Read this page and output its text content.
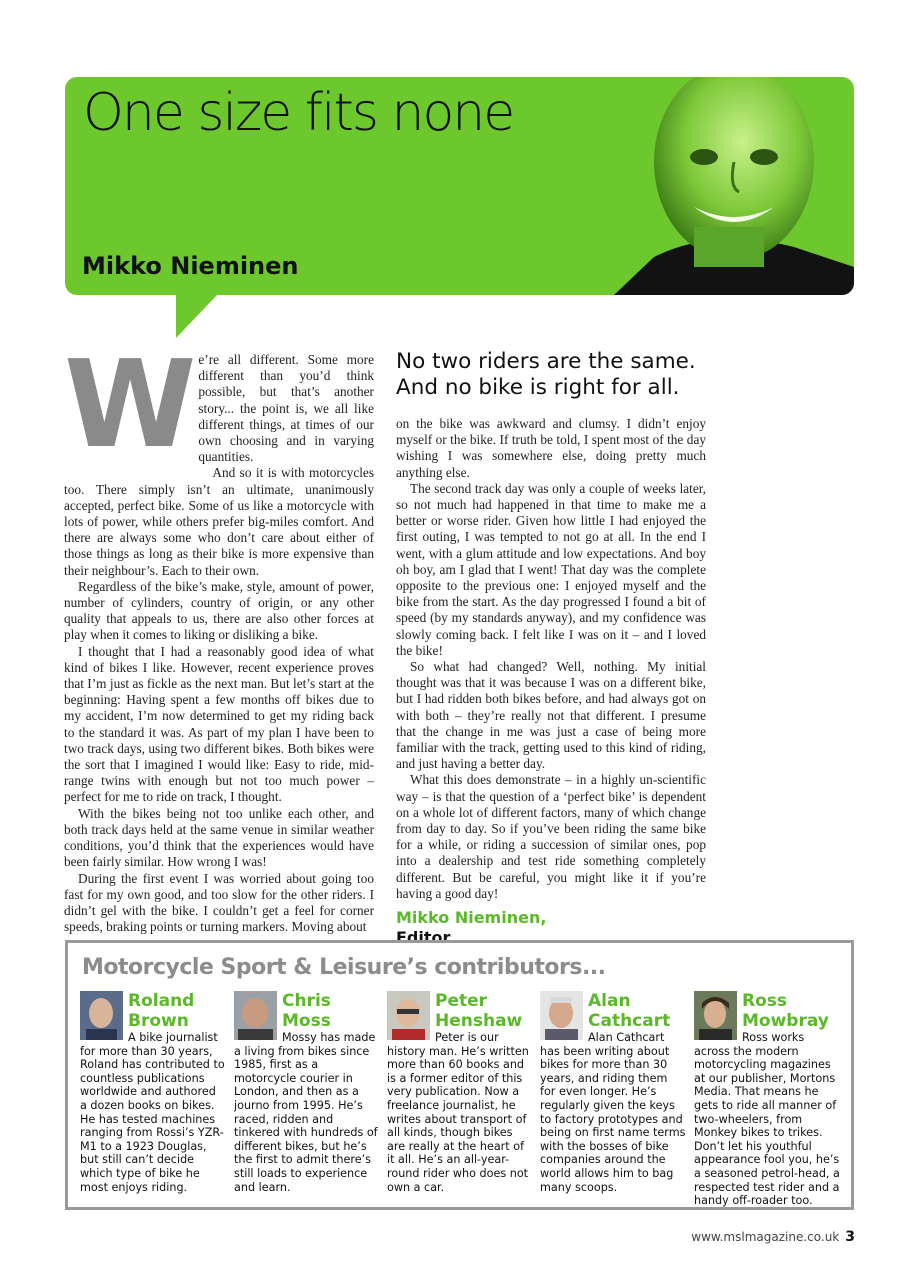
One size fits none
Mikko Nieminen
No two riders are the same. And no bike is right for all.

We’re all different. Some more different than you’d think possible, but that’s another story... the point is, we all like different things, at times of our own choosing and in varying quantities.

And so it is with motorcycles too. There simply isn’t an ultimate, unanimously accepted, perfect bike. Some of us like a motorcycle with lots of power, while others prefer big-miles comfort. And there are always some who don’t care about either of those things as long as their bike is more expensive than their neighbour’s. Each to their own.

Regardless of the bike’s make, style, amount of power, number of cylinders, country of origin, or any other quality that appeals to us, there are also other forces at play when it comes to liking or disliking a bike.

I thought that I had a reasonably good idea of what kind of bikes I like. However, recent experience proves that I’m just as fickle as the next man. But let’s start at the beginning: Having spent a few months off bikes due to my accident, I’m now determined to get my riding back to the standard it was. As part of my plan I have been to two track days, using two different bikes. Both bikes were the sort that I imagined I would like: Easy to ride, mid-range twins with enough but not too much power – perfect for me to ride on track, I thought.

With the bikes being not too unlike each other, and both track days held at the same venue in similar weather conditions, you’d think that the experiences would have been fairly similar. How wrong I was!

During the first event I was worried about going too fast for my own good, and too slow for the other riders. I didn’t gel with the bike. I couldn’t get a feel for corner speeds, braking points or turning markers. Moving about

on the bike was awkward and clumsy. I didn’t enjoy myself or the bike. If truth be told, I spent most of the day wishing I was somewhere else, doing pretty much anything else.

The second track day was only a couple of weeks later, so not much had happened in that time to make me a better or worse rider. Given how little I had enjoyed the first outing, I was tempted to not go at all. In the end I went, with a glum attitude and low expectations. And boy oh boy, am I glad that I went! That day was the complete opposite to the previous one: I enjoyed myself and the bike from the start. As the day progressed I found a bit of speed (by my standards anyway), and my confidence was slowly coming back. I felt like I was on it – and I loved the bike!

So what had changed? Well, nothing. My initial thought was that it was because I was on a different bike, but I had ridden both bikes before, and had always got on with both – they’re really not that different. I presume that the change in me was just a case of being more familiar with the track, getting used to this kind of riding, and just having a better day.

What this does demonstrate – in a highly un-scientific way – is that the question of a ‘perfect bike’ is dependent on a whole lot of different factors, many of which change from day to day. So if you’ve been riding the same bike for a while, or riding a succession of similar ones, pop into a dealership and test ride something completely different. But be careful, you might like it if you’re having a good day!

Mikko Nieminen,
Editor
Motorcycle Sport & Leisure’s contributors...
Roland
Brown
A bike journalist for more than 30 years, Roland has contributed to countless publications worldwide and authored a dozen books on bikes. He has tested machines ranging from Rossi’s YZR-M1 to a 1923 Douglas, but still can’t decide which type of bike he most enjoys riding.
Chris
Moss
Mossy has made a living from bikes since 1985, first as a motorcycle courier in London, and then as a journo from 1995. He’s raced, ridden and tinkered with hundreds of different bikes, but he’s the first to admit there’s still loads to experience and learn.
Peter
Henshaw
Peter is our history man. He’s written more than 60 books and is a former editor of this very publication. Now a freelance journalist, he writes about transport of all kinds, though bikes are really at the heart of it all. He’s an all-year-round rider who does not own a car.
Alan
Cathcart
Alan Cathcart has been writing about bikes for more than 30 years, and riding them for even longer. He’s regularly given the keys to factory prototypes and being on first name terms with the bosses of bike companies around the world allows him to bag many scoops.
Ross
Mowbray
Ross works across the modern motorcycling magazines at our publisher, Mortons Media. That means he gets to ride all manner of two-wheelers, from Monkey bikes to trikes. Don’t let his youthful appearance fool you, he’s a seasoned petrol-head, a respected test rider and a handy off-roader too.
www.mslmagazine.co.uk 3
